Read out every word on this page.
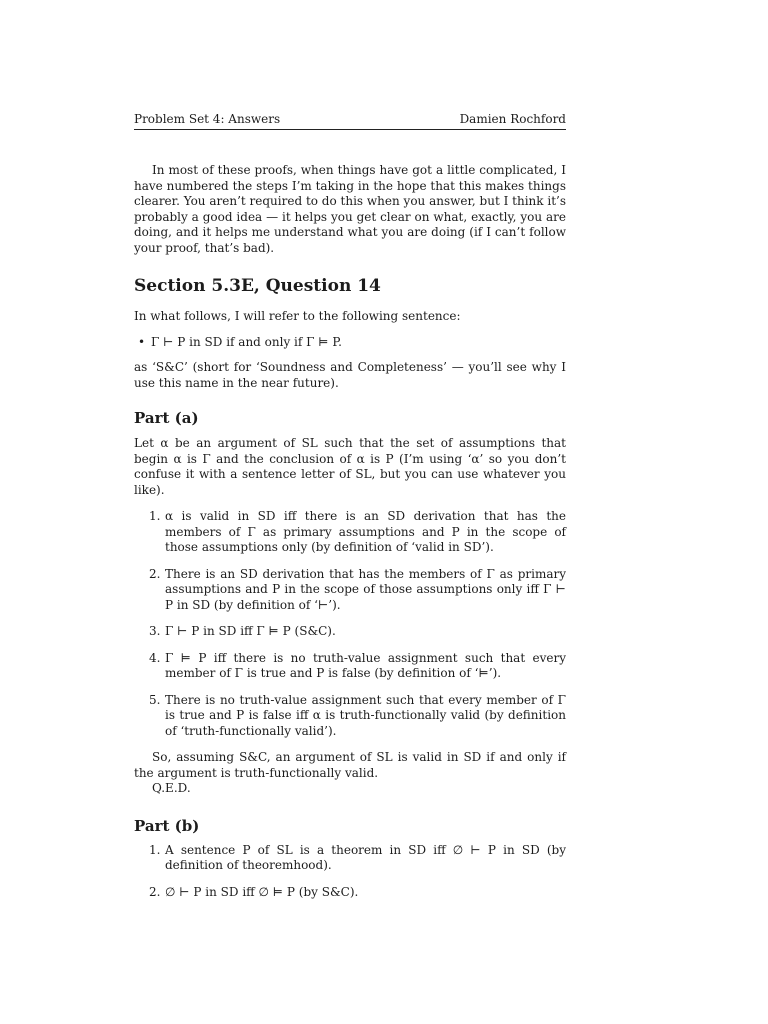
Problem Set 4: Answers	Damien Rochford

In most of these proofs, when things have got a little complicated, I have numbered the steps I’m taking in the hope that this makes things clearer. You aren’t required to do this when you answer, but I think it’s probably a good idea — it helps you get clear on what, exactly, you are doing, and it helps me understand what you are doing (if I can’t follow your proof, that’s bad).

Section 5.3E, Question 14

In what follows, I will refer to the following sentence:

• Γ ⊢ P in SD if and only if Γ ⊨ P.

as ‘S&C’ (short for ‘Soundness and Completeness’ — you’ll see why I use this name in the near future).

Part (a)

Let α be an argument of SL such that the set of assumptions that begin α is Γ and the conclusion of α is P (I’m using ‘α’ so you don’t confuse it with a sentence letter of SL, but you can use whatever you like).

1. α is valid in SD iff there is an SD derivation that has the members of Γ as primary assumptions and P in the scope of those assumptions only (by definition of ‘valid in SD’).
2. There is an SD derivation that has the members of Γ as primary assumptions and P in the scope of those assumptions only iff Γ ⊢ P in SD (by definition of ‘⊢’).
3. Γ ⊢ P in SD iff Γ ⊨ P (S&C).
4. Γ ⊨ P iff there is no truth-value assignment such that every member of Γ is true and P is false (by definition of ‘⊨’).
5. There is no truth-value assignment such that every member of Γ is true and P is false iff α is truth-functionally valid (by definition of ‘truth-functionally valid’).

So, assuming S&C, an argument of SL is valid in SD if and only if the argument is truth-functionally valid.

Q.E.D.

Part (b)
1. A sentence P of SL is a theorem in SD iff ∅ ⊢ P in SD (by definition of theoremhood).
2. ∅ ⊢ P in SD iff ∅ ⊨ P (by S&C).
